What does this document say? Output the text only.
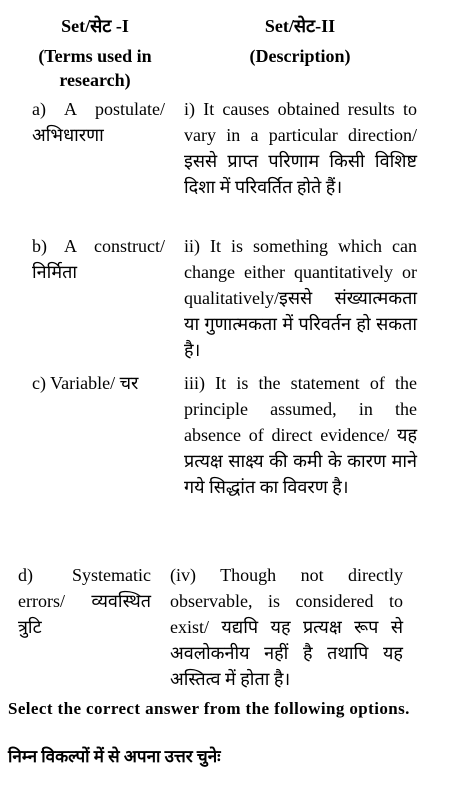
Set/सेट -I
(Terms used in research)
Set/सेट-II
(Description)
a) A postulate/ अभिधारणा
i) It causes obtained results to vary in a particular direction/ इससे प्राप्त परिणाम किसी विशिष्ट दिशा में परिवर्तित होते हैं।
b) A construct/ निर्मिता
ii) It is something which can change either quantitatively or qualitatively/इससे संख्यात्मकता या गुणात्मकता में परिवर्तन हो सकता है।
c) Variable/ चर	iii) It is the statement of the principle assumed, in the absence of direct evidence/ यह प्रत्यक्ष साक्ष्य की कमी के कारण माने गये सिद्धांत का विवरण है।
d) Systematic errors/ व्यवस्थित त्रुटि
(iv) Though not directly observable, is considered to exist/ यद्यपि यह प्रत्यक्ष रूप से अवलोकनीय नहीं है तथापि यह अस्तित्व में होता है।
Select the correct answer from the following options.
निम्न विकल्पों में से अपना उत्तर चुनेः
